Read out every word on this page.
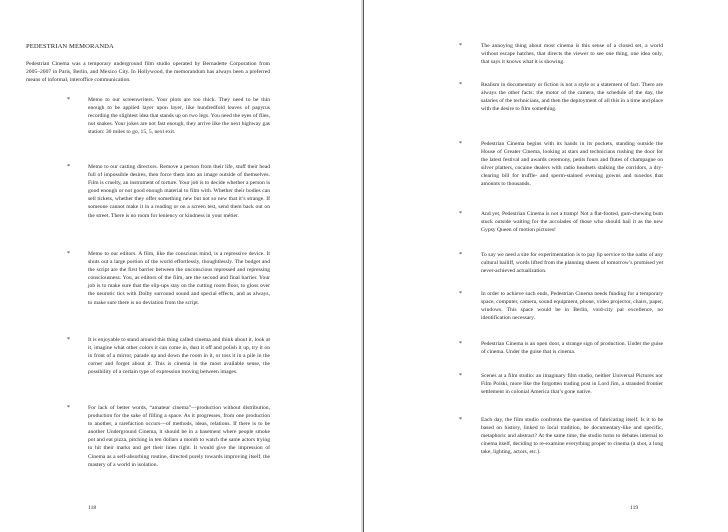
PEDESTRIAN MEMORANDA

Pedestrian Cinema was a temporary underground film studio operated by Bernadette Corporation from 2005–2007 in Paris, Berlin, and Mexico City. In Hollywood, the memorandum has always been a preferred means of informal, interoffice communication.

*	Memo to our screenwriters. Your plots are too thick. They need to be thin enough to be applied layer upon layer, like hundredfold leaves of papyrus recording the slightest idea that stands up on two legs. You need the eyes of flies, not snakes. Your jokes are not fast enough, they arrive like the next highway gas station: 30 miles to go, 15, 5, next exit.

*	Memo to our casting directors. Remove a person from their life, stuff their head full of impossible desires, then force them into an image outside of themselves. Film is cruelty, an instrument of torture. Your job is to decide whether a person is good enough or not good enough material to film with. Whether their bodies can sell tickets, whether they offer something new but not so new that it’s strange. If someone cannot make it in a reading or on a screen test, send them back out on the street. There is no room for leniency or kindness in your métier.

*	Memo to our editors. A film, like the conscious mind, is a repressive device. It shuts out a large portion of the world effortlessly, thoughtlessly. The budget and the script are the first barrier between the unconscious repressed and repressing consciousness. You, as editors of the film, are the second and final barrier. Your job is to make sure that the slip-ups stay on the cutting room floor, to gloss over the neurotic tics with Dolby surround sound and special effects, and as always, to make sure there is no deviation from the script.

*	It is enjoyable to stand around this thing called cinema and think about it, look at it, imagine what other colors it can come in, dust it off and polish it up, try it on in front of a mirror, parade up and down the room in it, or toss it in a pile in the corner and forget about it. This is cinema in the most available sense, the possibility of a certain type of expression moving between images.

*	For lack of better words, “amateur cinema”—production without distribution, production for the sake of filling a space. As it progresses, from one production to another, a rarefaction occurs—of methods, ideas, relations. If there is to be another Underground Cinema, it should be in a basement where people smoke pot and eat pizza, pitching in ten dollars a month to watch the same actors trying to hit their marks and get their lines right. It would give the impression of Cinema as a self-absorbing routine, directed purely towards improving itself, the mastery of a world in isolation.

118
*	The annoying thing about most cinema is this sense of a closed set, a world without escape hatches, that directs the viewer to see one thing, one idea only, that says it knows what it is showing.

*	Realism in documentary or fiction is not a style or a statement of fact. There are always the other facts: the motor of the camera, the schedule of the day, the salaries of the technicians, and then the deployment of all this in a time and place with the desire to film something.

*	Pedestrian Cinema begins with its hands in its pockets, standing outside the House of Greater Cinema, looking at stars and technicians rushing the door for the latest festival and awards ceremony, petits fours and flutes of champagne on silver platters, cocaine dealers with radio headsets stalking the corridors, a dry-clearing bill for truffle- and sperm-stained evening gowns and tuxedos that amounts to thousands.

*	And yet, Pedestrian Cinema is not a tramp! Not a flat-footed, gum-chewing bum stuck outside waiting for the accolades of those who should hail it as the new Gypsy Queen of motion pictures!

*	To say we need a site for experimentation is to pay lip service to the oaths of any cultural bailiff, words lifted from the planning sheets of tomorrow’s promised yet never-achieved actualization.

*	In order to achieve such ends, Pedestrian Cinema needs funding for a temporary space, computer, camera, sound equipment, phone, video projector, chairs, paper, windows. This space would be in Berlin, void-city par excellence, no identification necessary.

*	Pedestrian Cinema is an open door, a strange sign of production. Under the guise of cinema. Under the guise that is cinema.

*	Scenes at a film studio: an imaginary film studio, neither Universal Pictures nor Film Polski, more like the forgotten trading post in Lord Jim, a stranded frontier settlement in colonial America that’s gone native.

*	Each day, the film studio confronts the question of fabricating itself. Is it to be based on history, linked to local tradition, be documentary-like and specific, metaphoric and abstract? At the same time, the studio turns to debates internal to cinema itself, deciding to re-examine everything proper to cinema (a shot, a long take, lighting, actors, etc.).

119
